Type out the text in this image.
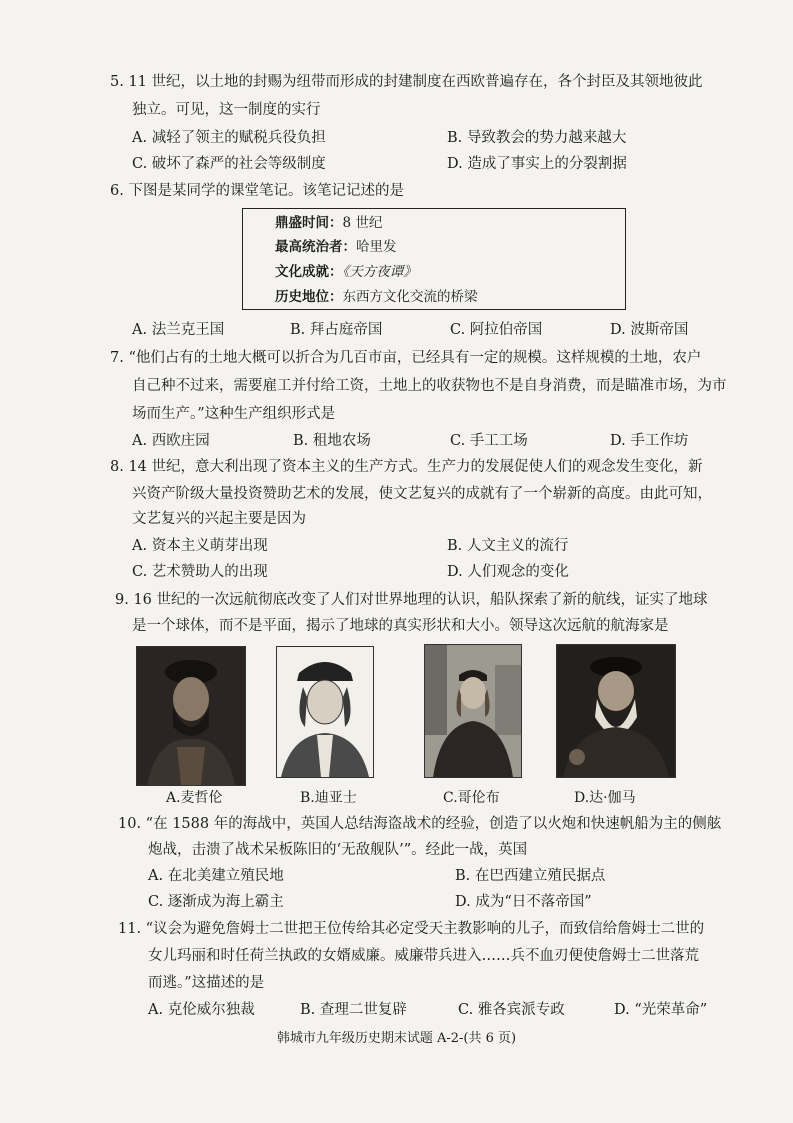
5. 11 世纪，以土地的封赐为纽带而形成的封建制度在西欧普遍存在，各个封臣及其领地彼此
独立。可见，这一制度的实行
A. 减轻了领主的赋税兵役负担	B. 导致教会的势力越来越大
C. 破坏了森严的社会等级制度	D. 造成了事实上的分裂割据
6. 下图是某同学的课堂笔记。该笔记记述的是
鼎盛时间：8 世纪
最高统治者：哈里发
文化成就：《天方夜谭》
历史地位：东西方文化交流的桥梁
A. 法兰克王国	B. 拜占庭帝国	C. 阿拉伯帝国	D. 波斯帝国
7. “他们占有的土地大概可以折合为几百市亩，已经具有一定的规模。这样规模的土地，农户
自己种不过来，需要雇工并付给工资，土地上的收获物也不是自身消费，而是瞄准市场，为市
场而生产。”这种生产组织形式是
A. 西欧庄园	B. 租地农场	C. 手工工场	D. 手工作坊
8. 14 世纪，意大利出现了资本主义的生产方式。生产力的发展促使人们的观念发生变化，新
兴资产阶级大量投资赞助艺术的发展，使文艺复兴的成就有了一个崭新的高度。由此可知，
文艺复兴的兴起主要是因为
A. 资本主义萌芽出现	B. 人文主义的流行
C. 艺术赞助人的出现	D. 人们观念的变化
9. 16 世纪的一次远航彻底改变了人们对世界地理的认识，船队探索了新的航线，证实了地球
是一个球体，而不是平面，揭示了地球的真实形状和大小。领导这次远航的航海家是
A.麦哲伦	B.迪亚士	C.哥伦布	D.达·伽马
10. “在 1588 年的海战中，英国人总结海盗战术的经验，创造了以火炮和快速帆船为主的侧舷
炮战，击溃了战术呆板陈旧的‘无敌舰队’”。经此一战，英国
A. 在北美建立殖民地	B. 在巴西建立殖民据点
C. 逐渐成为海上霸主	D. 成为“日不落帝国”
11. “议会为避免詹姆士二世把王位传给其必定受天主教影响的儿子，而致信给詹姆士二世的
女儿玛丽和时任荷兰执政的女婿威廉。威廉带兵进入……兵不血刃便使詹姆士二世落荒
而逃。”这描述的是
A. 克伦威尔独裁	B. 查理二世复辟	C. 雅各宾派专政	D. “光荣革命”
韩城市九年级历史期末试题 A-2-(共 6 页)
